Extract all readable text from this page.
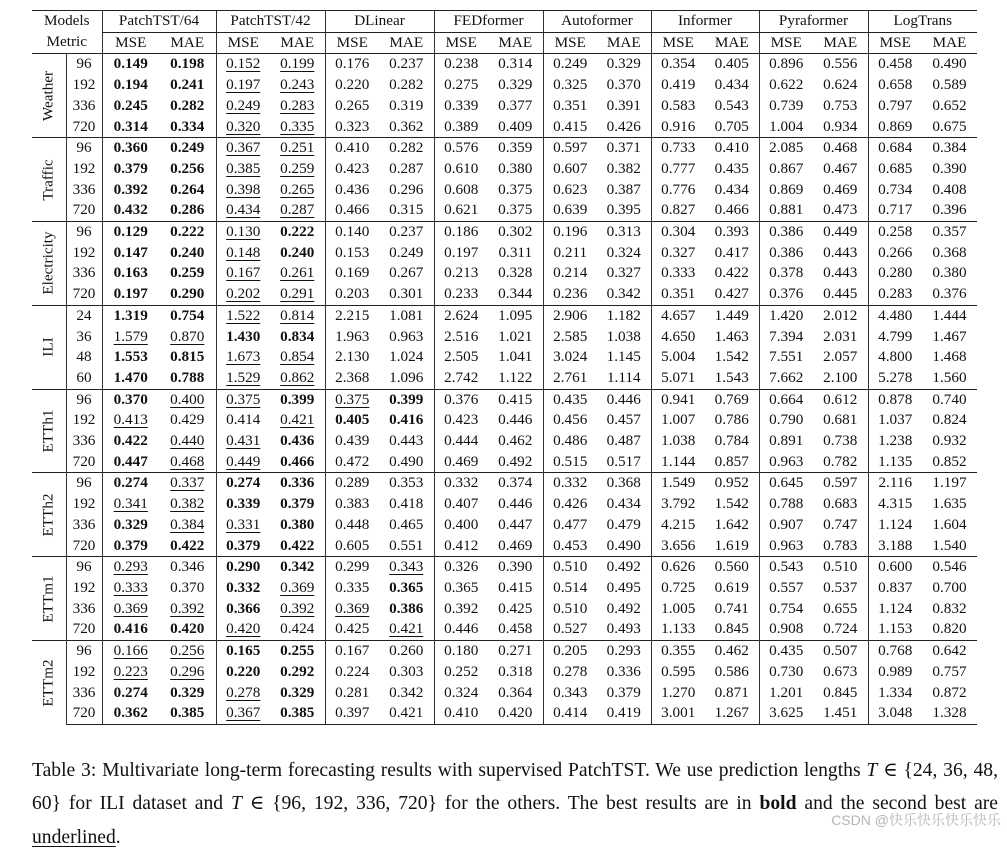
Models		PatchTST/64		PatchTST/42		DLinear		FEDformer		Autoformer		Informer		Pyraformer		LogTrans	
Metric		MSE	MAE	MSE	MAE	MSE	MAE	MSE	MAE	MSE	MAE	MSE	MAE	MSE	MAE	MSE	MAE

Weather	96	0.149	0.198	0.152	0.199	0.176	0.237	0.238	0.314	0.249	0.329	0.354	0.405	0.896	0.556	0.458	0.490
	192	0.194	0.241	0.197	0.243	0.220	0.282	0.275	0.329	0.325	0.370	0.419	0.434	0.622	0.624	0.658	0.589
	336	0.245	0.282	0.249	0.283	0.265	0.319	0.339	0.377	0.351	0.391	0.583	0.543	0.739	0.753	0.797	0.652
	720	0.314	0.334	0.320	0.335	0.323	0.362	0.389	0.409	0.415	0.426	0.916	0.705	1.004	0.934	0.869	0.675

Traffic	96	0.360	0.249	0.367	0.251	0.410	0.282	0.576	0.359	0.597	0.371	0.733	0.410	2.085	0.468	0.684	0.384
	192	0.379	0.256	0.385	0.259	0.423	0.287	0.610	0.380	0.607	0.382	0.777	0.435	0.867	0.467	0.685	0.390
	336	0.392	0.264	0.398	0.265	0.436	0.296	0.608	0.375	0.623	0.387	0.776	0.434	0.869	0.469	0.734	0.408
	720	0.432	0.286	0.434	0.287	0.466	0.315	0.621	0.375	0.639	0.395	0.827	0.466	0.881	0.473	0.717	0.396

Electricity	96	0.129	0.222	0.130	0.222	0.140	0.237	0.186	0.302	0.196	0.313	0.304	0.393	0.386	0.449	0.258	0.357
	192	0.147	0.240	0.148	0.240	0.153	0.249	0.197	0.311	0.211	0.324	0.327	0.417	0.386	0.443	0.266	0.368
	336	0.163	0.259	0.167	0.261	0.169	0.267	0.213	0.328	0.214	0.327	0.333	0.422	0.378	0.443	0.280	0.380
	720	0.197	0.290	0.202	0.291	0.203	0.301	0.233	0.344	0.236	0.342	0.351	0.427	0.376	0.445	0.283	0.376

ILI	24	1.319	0.754	1.522	0.814	2.215	1.081	2.624	1.095	2.906	1.182	4.657	1.449	1.420	2.012	4.480	1.444
	36	1.579	0.870	1.430	0.834	1.963	0.963	2.516	1.021	2.585	1.038	4.650	1.463	7.394	2.031	4.799	1.467
	48	1.553	0.815	1.673	0.854	2.130	1.024	2.505	1.041	3.024	1.145	5.004	1.542	7.551	2.057	4.800	1.468
	60	1.470	0.788	1.529	0.862	2.368	1.096	2.742	1.122	2.761	1.114	5.071	1.543	7.662	2.100	5.278	1.560

ETTh1	96	0.370	0.400	0.375	0.399	0.375	0.399	0.376	0.415	0.435	0.446	0.941	0.769	0.664	0.612	0.878	0.740
	192	0.413	0.429	0.414	0.421	0.405	0.416	0.423	0.446	0.456	0.457	1.007	0.786	0.790	0.681	1.037	0.824
	336	0.422	0.440	0.431	0.436	0.439	0.443	0.444	0.462	0.486	0.487	1.038	0.784	0.891	0.738	1.238	0.932
	720	0.447	0.468	0.449	0.466	0.472	0.490	0.469	0.492	0.515	0.517	1.144	0.857	0.963	0.782	1.135	0.852

ETTh2	96	0.274	0.337	0.274	0.336	0.289	0.353	0.332	0.374	0.332	0.368	1.549	0.952	0.645	0.597	2.116	1.197
	192	0.341	0.382	0.339	0.379	0.383	0.418	0.407	0.446	0.426	0.434	3.792	1.542	0.788	0.683	4.315	1.635
	336	0.329	0.384	0.331	0.380	0.448	0.465	0.400	0.447	0.477	0.479	4.215	1.642	0.907	0.747	1.124	1.604
	720	0.379	0.422	0.379	0.422	0.605	0.551	0.412	0.469	0.453	0.490	3.656	1.619	0.963	0.783	3.188	1.540

ETTm1	96	0.293	0.346	0.290	0.342	0.299	0.343	0.326	0.390	0.510	0.492	0.626	0.560	0.543	0.510	0.600	0.546
	192	0.333	0.370	0.332	0.369	0.335	0.365	0.365	0.415	0.514	0.495	0.725	0.619	0.557	0.537	0.837	0.700
	336	0.369	0.392	0.366	0.392	0.369	0.386	0.392	0.425	0.510	0.492	1.005	0.741	0.754	0.655	1.124	0.832
	720	0.416	0.420	0.420	0.424	0.425	0.421	0.446	0.458	0.527	0.493	1.133	0.845	0.908	0.724	1.153	0.820

ETTm2	96	0.166	0.256	0.165	0.255	0.167	0.260	0.180	0.271	0.205	0.293	0.355	0.462	0.435	0.507	0.768	0.642
	192	0.223	0.296	0.220	0.292	0.224	0.303	0.252	0.318	0.278	0.336	0.595	0.586	0.730	0.673	0.989	0.757
	336	0.274	0.329	0.278	0.329	0.281	0.342	0.324	0.364	0.343	0.379	1.270	0.871	1.201	0.845	1.334	0.872
	720	0.362	0.385	0.367	0.385	0.397	0.421	0.410	0.420	0.414	0.419	3.001	1.267	3.625	1.451	3.048	1.328

Table 3: Multivariate long-term forecasting results with supervised PatchTST. We use prediction lengths T ∈ {24, 36, 48, 60} for ILI dataset and T ∈ {96, 192, 336, 720} for the others. The best results are in bold and the second best are underlined.

CSDN @快乐快乐快乐快乐
